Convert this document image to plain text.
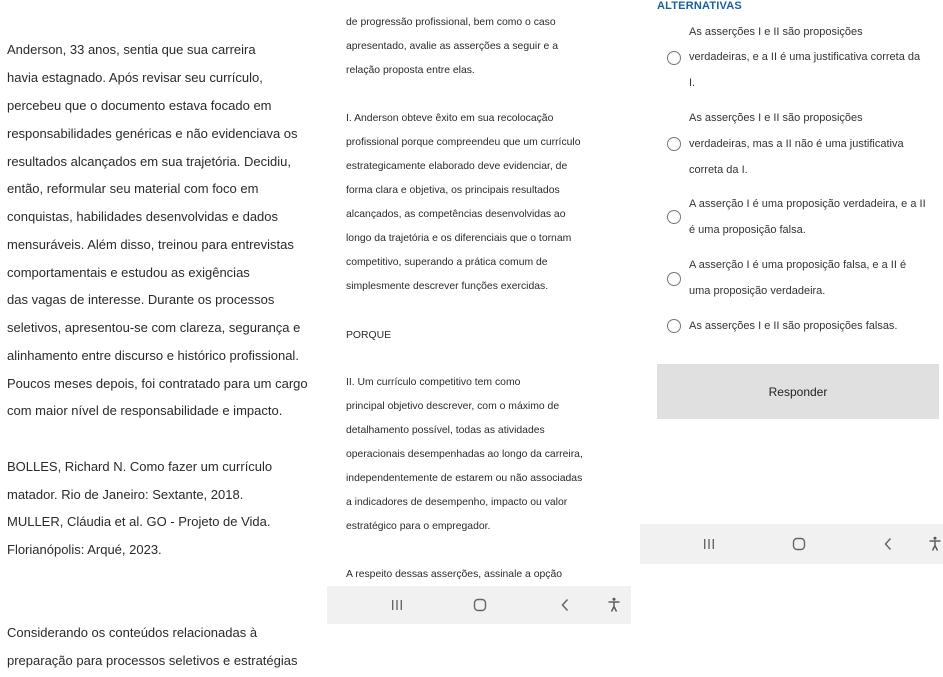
Anderson, 33 anos, sentia que sua carreira
havia estagnado. Após revisar seu currículo,
percebeu que o documento estava focado em
responsabilidades genéricas e não evidenciava os
resultados alcançados em sua trajetória. Decidiu,
então, reformular seu material com foco em
conquistas, habilidades desenvolvidas e dados
mensuráveis. Além disso, treinou para entrevistas
comportamentais e estudou as exigências
das vagas de interesse. Durante os processos
seletivos, apresentou-se com clareza, segurança e
alinhamento entre discurso e histórico profissional.
Poucos meses depois, foi contratado para um cargo
com maior nível de responsabilidade e impacto.
BOLLES, Richard N. Como fazer um currículo
matador. Rio de Janeiro: Sextante, 2018.
MULLER, Cláudia et al. GO - Projeto de Vida.
Florianópolis: Arqué, 2023.
Considerando os conteúdos relacionadas à
preparação para processos seletivos e estratégias
de progressão profissional, bem como o caso
apresentado, avalie as asserções a seguir e a
relação proposta entre elas.
I. Anderson obteve êxito em sua recolocação
profissional porque compreendeu que um currículo
estrategicamente elaborado deve evidenciar, de
forma clara e objetiva, os principais resultados
alcançados, as competências desenvolvidas ao
longo da trajetória e os diferenciais que o tornam
competitivo, superando a prática comum de
simplesmente descrever funções exercidas.
PORQUE
II. Um currículo competitivo tem como
principal objetivo descrever, com o máximo de
detalhamento possível, todas as atividades
operacionais desempenhadas ao longo da carreira,
independentemente de estarem ou não associadas
a indicadores de desempenho, impacto ou valor
estratégico para o empregador.
A respeito dessas asserções, assinale a opção
ALTERNATIVAS
As asserções I e II são proposições
verdadeiras, e a II é uma justificativa correta da
I.
As asserções I e II são proposições
verdadeiras, mas a II não é uma justificativa
correta da I.
A asserção I é uma proposição verdadeira, e a II
é uma proposição falsa.
A asserção I é uma proposição falsa, e a II é
uma proposição verdadeira.
As asserções I e II são proposições falsas.
Responder
